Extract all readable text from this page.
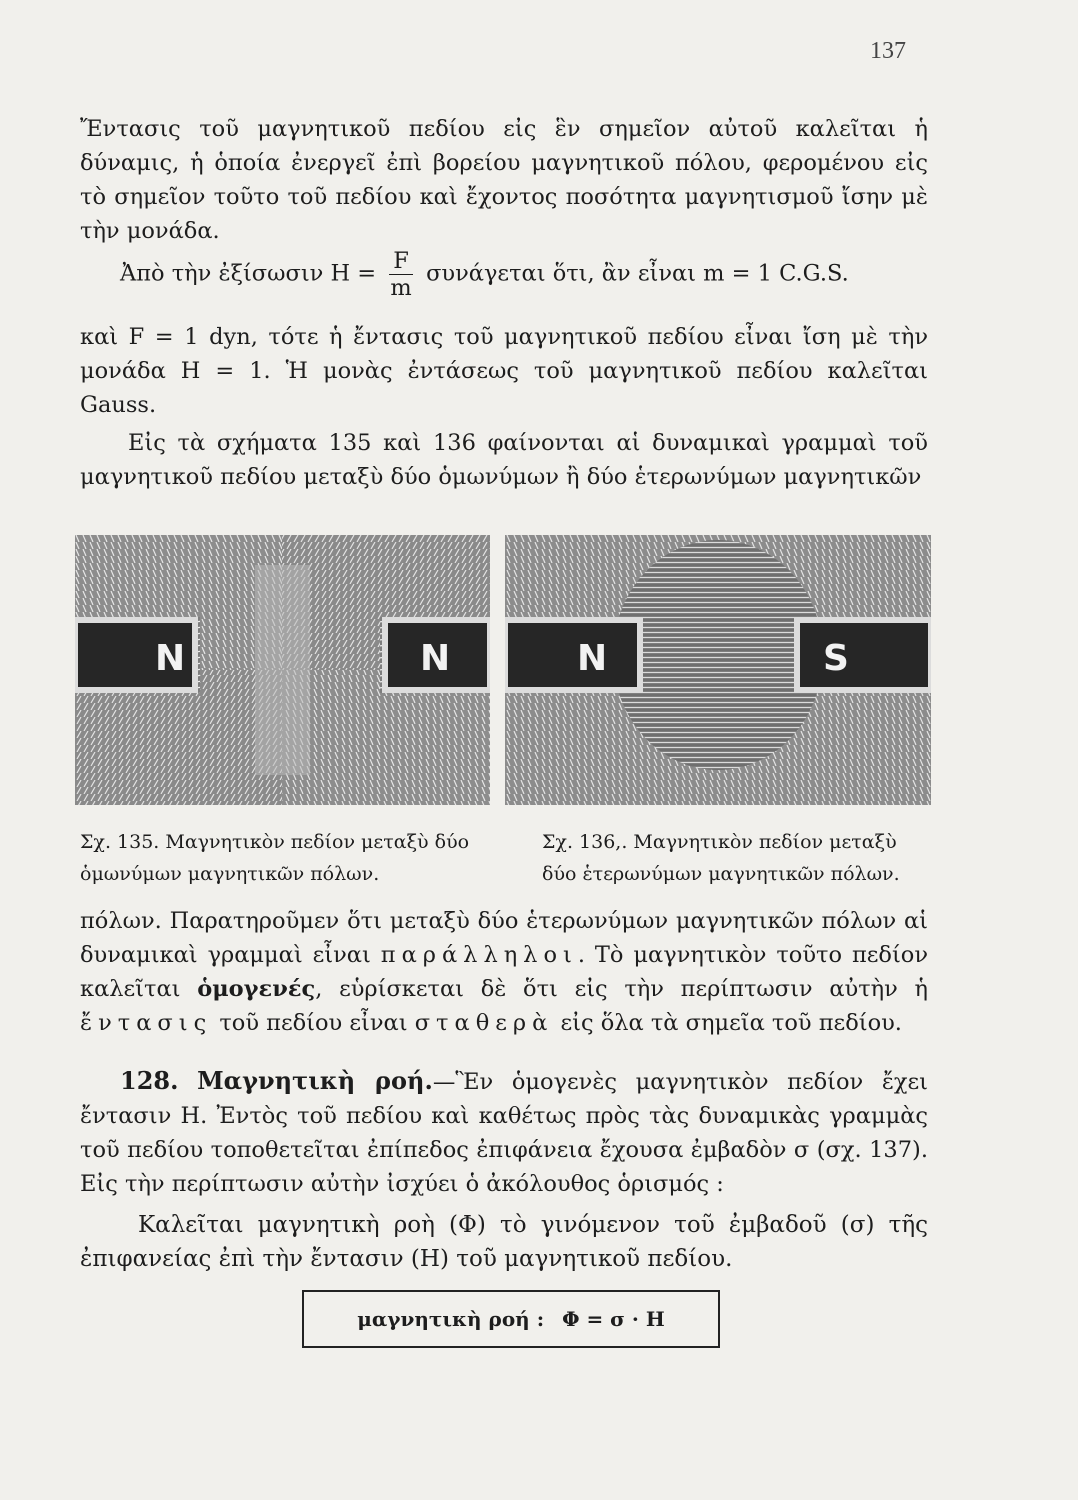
137
Ἔντασις τοῦ μαγνητικοῦ πεδίου εἰς ἓν σημεῖον αὐτοῦ καλεῖται ἡ δύναμις, ἡ ὁποία ἐνεργεῖ ἐπὶ βορείου μαγνητικοῦ πόλου, φερομένου εἰς τὸ σημεῖον τοῦτο τοῦ πεδίου καὶ ἔχοντος ποσότητα μαγνητισμοῦ ἴσην μὲ τὴν μονάδα.
Ἀπὸ τὴν ἐξίσωσιν $H = \frac{F}{m}$ συνάγεται ὅτι, ἂν εἶναι m = 1 C.G.S.
καὶ F = 1 dyn, τότε ἡ ἔντασις τοῦ μαγνητικοῦ πεδίου εἶναι ἴση μὲ τὴν μονάδα H = 1. Ἡ μονὰς ἐντάσεως τοῦ μαγνητικοῦ πεδίου καλεῖται Gauss.
Εἰς τὰ σχήματα 135 καὶ 136 φαίνονται αἱ δυναμικαὶ γραμμαὶ τοῦ μαγνητικοῦ πεδίου μεταξὺ δύο ὁμωνύμων ἢ δύο ἑτερωνύμων μαγνητικῶν
N	N	N	S
Σχ. 135. Μαγνητικὸν πεδίον μεταξὺ δύο ὁμωνύμων μαγνητικῶν πόλων.
Σχ. 136,. Μαγνητικὸν πεδίον μεταξὺ δύο ἑτερωνύμων μαγνητικῶν πόλων.
πόλων. Παρατηροῦμεν ὅτι μεταξὺ δύο ἑτερωνύμων μαγνητικῶν πόλων αἱ δυναμικαὶ γραμμαὶ εἶναι παράλληλοι. Τὸ μαγνητικὸν τοῦτο πεδίον καλεῖται ὁμογενές, εὑρίσκεται δὲ ὅτι εἰς τὴν περίπτωσιν αὐτὴν ἡ ἔντασις τοῦ πεδίου εἶναι σταθερὰ εἰς ὅλα τὰ σημεῖα τοῦ πεδίου.
128. Μαγνητικὴ ροή.—Ἓν ὁμογενὲς μαγνητικὸν πεδίον ἔχει ἔντασιν Η. Ἐντὸς τοῦ πεδίου καὶ καθέτως πρὸς τὰς δυναμικὰς γραμμὰς τοῦ πεδίου τοποθετεῖται ἐπίπεδος ἐπιφάνεια ἔχουσα ἐμβαδὸν σ (σχ. 137). Εἰς τὴν περίπτωσιν αὐτὴν ἰσχύει ὁ ἀκόλουθος ὁρισμός :
Καλεῖται μαγνητικὴ ροὴ (Φ) τὸ γινόμενον τοῦ ἐμβαδοῦ (σ) τῆς ἐπιφανείας ἐπὶ τὴν ἔντασιν (Η) τοῦ μαγνητικοῦ πεδίου.
μαγνητικὴ ροή : Φ = σ · Η
